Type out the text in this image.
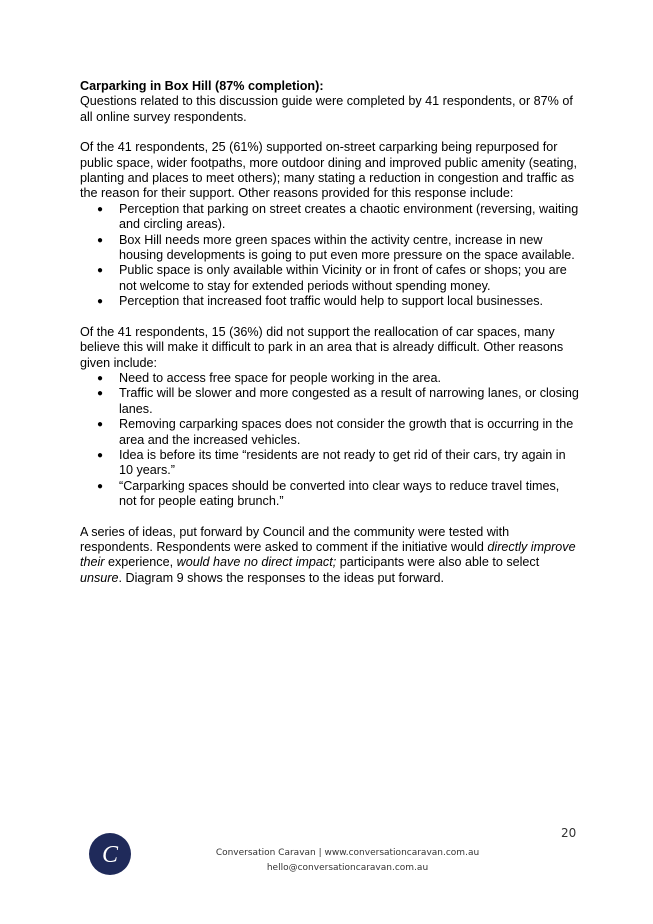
Carparking in Box Hill (87% completion):

Questions related to this discussion guide were completed by 41 respondents, or 87% of all online survey respondents.

Of the 41 respondents, 25 (61%) supported on-street carparking being repurposed for public space, wider footpaths, more outdoor dining and improved public amenity (seating, planting and places to meet others); many stating a reduction in congestion and traffic as the reason for their support. Other reasons provided for this response include:

●	Perception that parking on street creates a chaotic environment (reversing, waiting and circling areas).
●	Box Hill needs more green spaces within the activity centre, increase in new housing developments is going to put even more pressure on the space available.
●	Public space is only available within Vicinity or in front of cafes or shops; you are not welcome to stay for extended periods without spending money.
●	Perception that increased foot traffic would help to support local businesses.

Of the 41 respondents, 15 (36%) did not support the reallocation of car spaces, many believe this will make it difficult to park in an area that is already difficult. Other reasons given include:

●	Need to access free space for people working in the area.
●	Traffic will be slower and more congested as a result of narrowing lanes, or closing lanes.
●	Removing carparking spaces does not consider the growth that is occurring in the area and the increased vehicles.
●	Idea is before its time “residents are not ready to get rid of their cars, try again in 10 years.”
●	“Carparking spaces should be converted into clear ways to reduce travel times, not for people eating brunch.”

A series of ideas, put forward by Council and the community were tested with respondents. Respondents were asked to comment if the initiative would directly improve their experience, would have no direct impact; participants were also able to select unsure. Diagram 9 shows the responses to the ideas put forward.

20
C	Conversation Caravan | www.conversationcaravan.com.au
hello@conversationcaravan.com.au
